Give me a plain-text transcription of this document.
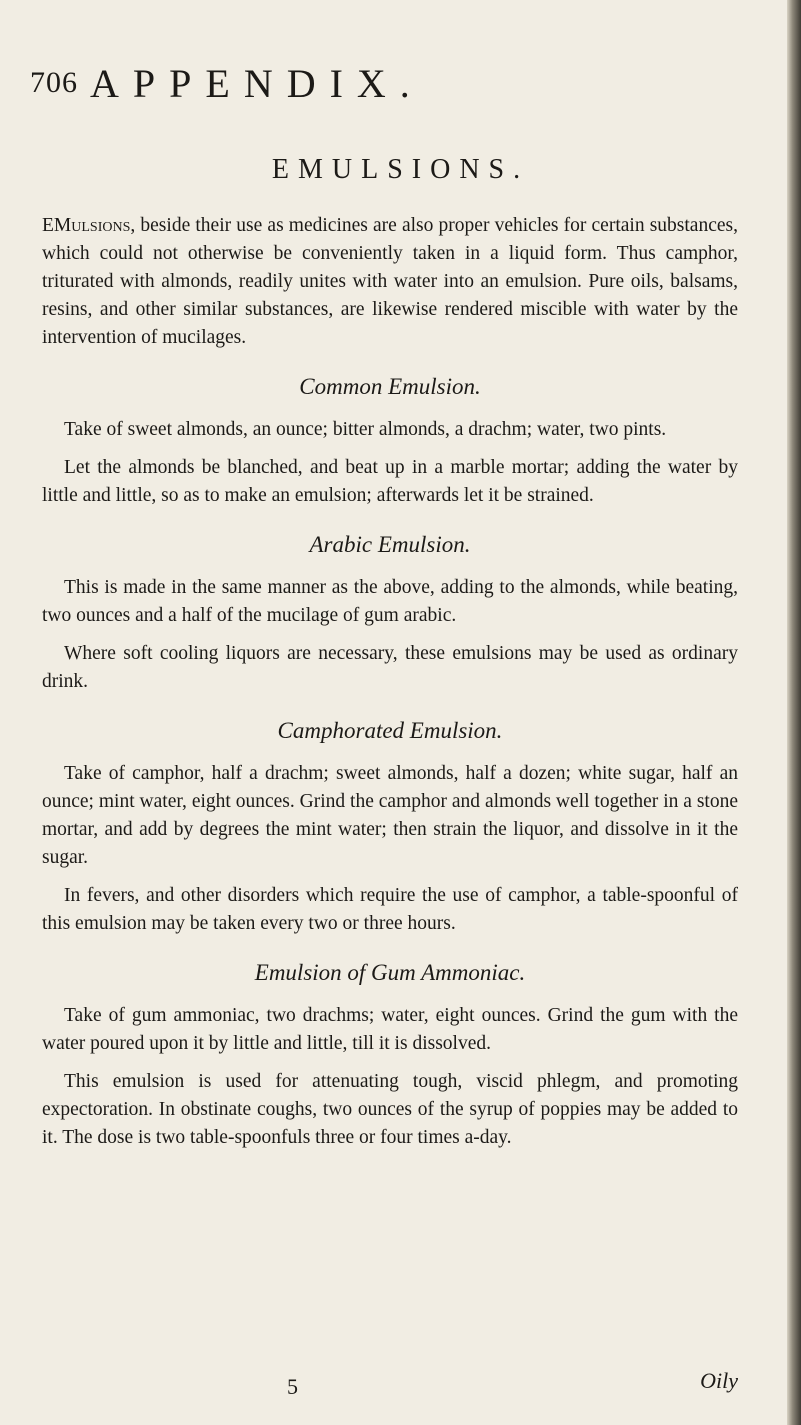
706 APPENDIX.
EMULSIONS.

EMulsions, beside their use as medicines are also proper vehicles for certain substances, which could not otherwise be conveniently taken in a liquid form. Thus camphor, triturated with almonds, readily unites with water into an emulsion. Pure oils, balsams, resins, and other similar substances, are likewise rendered miscible with water by the intervention of mucilages.

Common Emulsion.

Take of sweet almonds, an ounce; bitter almonds, a drachm; water, two pints.

Let the almonds be blanched, and beat up in a marble mortar; adding the water by little and little, so as to make an emulsion; afterwards let it be strained.

Arabic Emulsion.

This is made in the same manner as the above, adding to the almonds, while beating, two ounces and a half of the mucilage of gum arabic.

Where soft cooling liquors are necessary, these emulsions may be used as ordinary drink.

Camphorated Emulsion.

Take of camphor, half a drachm; sweet almonds, half a dozen; white sugar, half an ounce; mint water, eight ounces. Grind the camphor and almonds well together in a stone mortar, and add by degrees the mint water; then strain the liquor, and dissolve in it the sugar.

In fevers, and other disorders which require the use of camphor, a table-spoonful of this emulsion may be taken every two or three hours.

Emulsion of Gum Ammoniac.

Take of gum ammoniac, two drachms; water, eight ounces. Grind the gum with the water poured upon it by little and little, till it is dissolved.

This emulsion is used for attenuating tough, viscid phlegm, and promoting expectoration. In obstinate coughs, two ounces of the syrup of poppies may be added to it. The dose is two table-spoonfuls three or four times a-day.

5	Oily
